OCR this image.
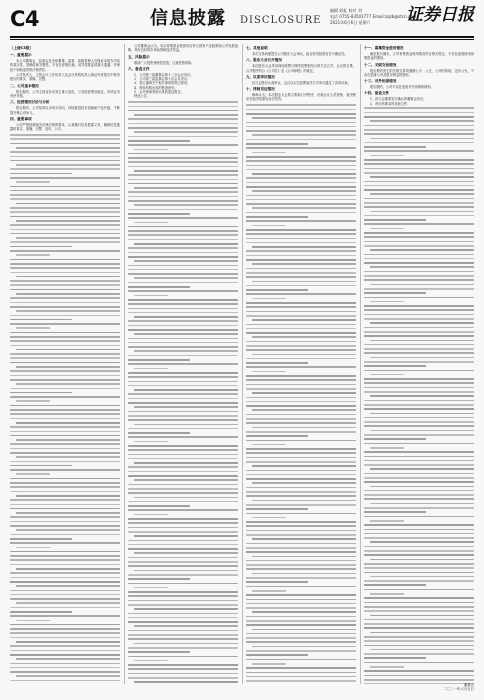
C4	信息披露 DISCLOSURE
编辑 彩虹 校对 刘
电话 0755-83501777 Email:zqsb@stcn.com
2021年6月6日 星期六	证券日报
（上接C3版）
一、重要提示
本公司董事会、监事会及全体董事、监事、高级管理人员保证本报告内容的真实性、准确性和完整性，不存在虚假记载、误导性陈述或重大遗漏，并承担个别和连带的法律责任。
公司负责人、主管会计工作负责人及会计机构负责人保证年度报告中财务报告的真实、准确、完整。
二、公司基本情况
报告期内，公司主营业务未发生重大变化，公司经营情况稳定，各项业务有序开展。
三、经营情况讨论与分析
报告期内，公司坚持以市场为导向，持续推进技术创新和产品升级，不断提升核心竞争力。
四、重要事项
公司严格按照相关法律法规的要求，认真履行信息披露义务，确保信息披露的真实、准确、完整、及时、公平。
公司董事会认为，本次募集资金投资项目符合国家产业政策和公司发展战略，具有良好的市场前景和经济效益。
五、风险提示
敬请广大投资者理性投资，注意投资风险。
六、备查文件
1、公司第三届董事会第十二次会议决议；
2、公司第三届监事会第十次会议决议；
3、独立董事关于相关事项的独立意见；
4、保荐机构出具的核查意见；
5、会计师事务所出具的鉴证报告。
特此公告。
七、其他说明
本次交易尚需提交公司股东大会审议，能否获得批准存在不确定性。
八、股东大会召开情况
本次股东大会采用现场投票与网络投票相结合的方式召开，会议的召集、召开程序符合《公司法》及《公司章程》的规定。
九、议案审议情况
经与会股东认真审议，会议以记名投票表决方式审议通过了各项议案。
十、律师见证情况
律师认为，本次股东大会的召集和召开程序、出席会议人员资格、表决程序及表决结果均合法有效。
十一、募集资金使用情况
截至报告期末，公司募集资金使用情况符合相关规定，不存在违规使用募集资金的情形。
十二、关联交易情况
报告期内发生的关联交易均遵循公平、公正、公开的原则，定价公允，不存在损害公司及股东利益的情形。
十三、对外担保情况
报告期内，公司不存在违规对外担保的情形。
十四、备查文件
1、经与会董事签字确认的董事会决议；
2、深交所要求的其他文件。
董事会
二〇二一年六月五日
